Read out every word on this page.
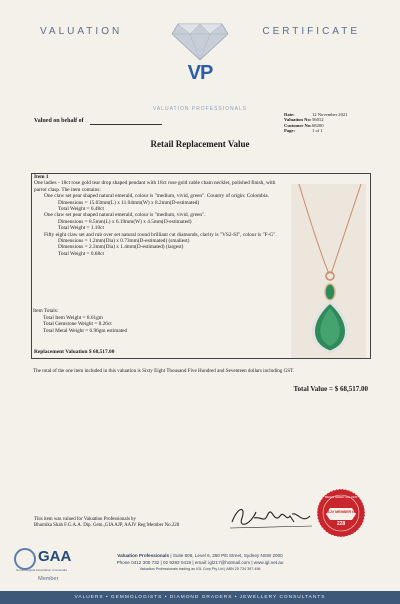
VALUATION	CERTIFICATE
VP
VALUATION PROFESSIONALS
Valued on behalf of
Date:	12 November 2021
Valuation No: 56012
Customer No: 68200
Page:	1 of 1
Retail Replacement Value
Item 1
One ladies - 18ct rose gold tear drop shaped pendant with 18ct rose gold cable chain necklet, polished finish, with parrot clasp. The item contains:
One claw set pear shaped natural emerald, colour is "medium, vivid, green". Country of origin: Colombia.
Dimensions = 15.03mm(L) x 11.04mm(W) x 8.2mm(D-estimated)
Total Weight = 6.48ct
One claw set pear shaped natural emerald, colour is "medium, vivid, green".
Dimensions = 8.5mm(L) x 6.19mm(W) x 4.5mm(D-estimated)
Total Weight = 1.10ct
Fifty eight claw set and rub over set natural round brilliant cut diamonds, clarity is "VS2-SI", colour is "F-G".
Dimensions = 1.2mm(Dia) x 0.73mm(D-estimated) (smallest)
Dimensions = 2.3mm(Dia) x 1.4mm(D-estimated) (largest)
Total Weight = 0.68ct
Item Totals:
Total Item Weight = 8.61gm
Total Gemstone Weight = 8.26ct
Total Metal Weight = 6.96gm estimated
Replacement Valuation $ 68,517.00
The total of the one item included in this valuation is Sixty Eight Thousand Five Hundred and Seventeen dollars including GST.
Total Value = $ 68,517.00
This item was valued for Valuation Professionals by
Bhumika Shah F.G.A.A. Dip. Gem.,GIA AJP, AAJV Reg Member No.228
REGISTERED VALUER
AAJV MEMBER NO
228
GAA
Gemmological Association of Australia
Member
Valuation Professionals | Suite 606, Level 6, 250 Pitt Street, Sydney NSW 2000
Phone 0412 300 732 | 02 9283 0419 | email: igl217@hotmail.com | www.igl.net.au
Valuation Professionals trading as IGL Corp Pty Ltd | ABN 25 734 397 496
VALUERS • GEMMOLOGISTS • DIAMOND GRADERS • JEWELLERY CONSULTANTS
